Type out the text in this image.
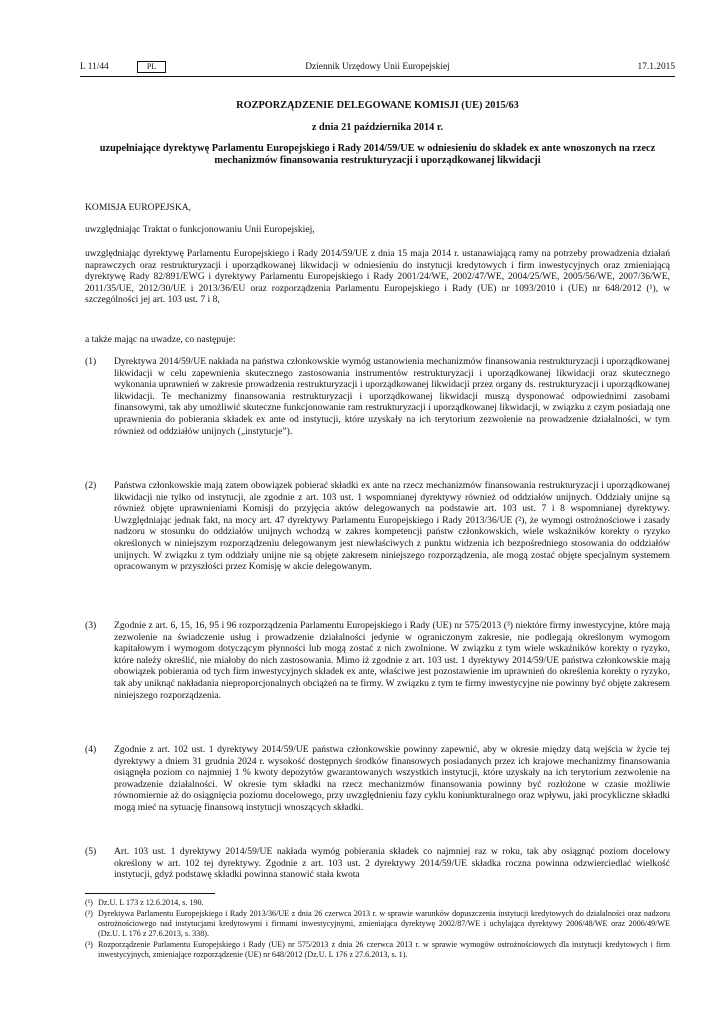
L 11/44	PL	Dziennik Urzędowy Unii Europejskiej	17.1.2015
ROZPORZĄDZENIE DELEGOWANE KOMISJI (UE) 2015/63
z dnia 21 października 2014 r.
uzupełniające dyrektywę Parlamentu Europejskiego i Rady 2014/59/UE w odniesieniu do składek ex ante wnoszonych na rzecz mechanizmów finansowania restrukturyzacji i uporządkowanej likwidacji

KOMISJA EUROPEJSKA,

uwzględniając Traktat o funkcjonowaniu Unii Europejskiej,

uwzględniając dyrektywę Parlamentu Europejskiego i Rady 2014/59/UE z dnia 15 maja 2014 r. ustanawiającą ramy na potrzeby prowadzenia działań naprawczych oraz restrukturyzacji i uporządkowanej likwidacji w odniesieniu do instytucji kredytowych i firm inwestycyjnych oraz zmieniającą dyrektywę Rady 82/891/EWG i dyrektywy Parlamentu Europejskiego i Rady 2001/24/WE, 2002/47/WE, 2004/25/WE, 2005/56/WE, 2007/36/WE, 2011/35/UE, 2012/30/UE i 2013/36/EU oraz rozporządzenia Parlamentu Europejskiego i Rady (UE) nr 1093/2010 i (UE) nr 648/2012 (¹), w szczególności jej art. 103 ust. 7 i 8,

a także mając na uwadze, co następuje:

(1)	Dyrektywa 2014/59/UE nakłada na państwa członkowskie wymóg ustanowienia mechanizmów finansowania restrukturyzacji i uporządkowanej likwidacji w celu zapewnienia skutecznego zastosowania instrumentów restrukturyzacji i uporządkowanej likwidacji oraz skutecznego wykonania uprawnień w zakresie prowadzenia restrukturyzacji i uporządkowanej likwidacji przez organy ds. restrukturyzacji i uporządkowanej likwidacji. Te mechanizmy finansowania restrukturyzacji i uporządkowanej likwidacji muszą dysponować odpowiednimi zasobami finansowymi, tak aby umożliwić skuteczne funkcjonowanie ram restrukturyzacji i uporządkowanej likwidacji, w związku z czym posiadają one uprawnienia do pobierania składek ex ante od instytucji, które uzyskały na ich terytorium zezwolenie na prowadzenie działalności, w tym również od oddziałów unijnych („instytucje”).
(2)	Państwa członkowskie mają zatem obowiązek pobierać składki ex ante na rzecz mechanizmów finansowania restrukturyzacji i uporządkowanej likwidacji nie tylko od instytucji, ale zgodnie z art. 103 ust. 1 wspomnianej dyrektywy również od oddziałów unijnych. Oddziały unijne są również objęte uprawnieniami Komisji do przyjęcia aktów delegowanych na podstawie art. 103 ust. 7 i 8 wspomnianej dyrektywy. Uwzględniając jednak fakt, na mocy art. 47 dyrektywy Parlamentu Europejskiego i Rady 2013/36/UE (²), że wymogi ostrożnościowe i zasady nadzoru w stosunku do oddziałów unijnych wchodzą w zakres kompetencji państw członkowskich, wiele wskaźników korekty o ryzyko określonych w niniejszym rozporządzeniu delegowanym jest niewłaściwych z punktu widzenia ich bezpośredniego stosowania do oddziałów unijnych. W związku z tym oddziały unijne nie są objęte zakresem niniejszego rozporządzenia, ale mogą zostać objęte specjalnym systemem opracowanym w przyszłości przez Komisję w akcie delegowanym.
(3)	Zgodnie z art. 6, 15, 16, 95 i 96 rozporządzenia Parlamentu Europejskiego i Rady (UE) nr 575/2013 (³) niektóre firmy inwestycyjne, które mają zezwolenie na świadczenie usług i prowadzenie działalności jedynie w ograniczonym zakresie, nie podlegają określonym wymogom kapitałowym i wymogom dotyczącym płynności lub mogą zostać z nich zwolnione. W związku z tym wiele wskaźników korekty o ryzyko, które należy określić, nie miałoby do nich zastosowania. Mimo iż zgodnie z art. 103 ust. 1 dyrektywy 2014/59/UE państwa członkowskie mają obowiązek pobierania od tych firm inwestycyjnych składek ex ante, właściwe jest pozostawienie im uprawnień do określenia korekty o ryzyko, tak aby uniknąć nakładania nieproporcjonalnych obciążeń na te firmy. W związku z tym te firmy inwestycyjne nie powinny być objęte zakresem niniejszego rozporządzenia.
(4)	Zgodnie z art. 102 ust. 1 dyrektywy 2014/59/UE państwa członkowskie powinny zapewnić, aby w okresie między datą wejścia w życie tej dyrektywy a dniem 31 grudnia 2024 r. wysokość dostępnych środków finansowych posiadanych przez ich krajowe mechanizmy finansowania osiągnęła poziom co najmniej 1 % kwoty depozytów gwarantowanych wszystkich instytucji, które uzyskały na ich terytorium zezwolenie na prowadzenie działalności. W okresie tym składki na rzecz mechanizmów finansowania powinny być rozłożone w czasie możliwie równomiernie aż do osiągnięcia poziomu docelowego, przy uwzględnieniu fazy cyklu koniunkturalnego oraz wpływu, jaki procykliczne składki mogą mieć na sytuację finansową instytucji wnoszących składki.
(5)	Art. 103 ust. 1 dyrektywy 2014/59/UE nakłada wymóg pobierania składek co najmniej raz w roku, tak aby osiągnąć poziom docelowy określony w art. 102 tej dyrektywy. Zgodnie z art. 103 ust. 2 dyrektywy 2014/59/UE składka roczna powinna odzwierciedlać wielkość instytucji, gdyż podstawę składki powinna stanowić stała kwota

(¹) Dz.U. L 173 z 12.6.2014, s. 190.

(²) Dyrektywa Parlamentu Europejskiego i Rady 2013/36/UE z dnia 26 czerwca 2013 r. w sprawie warunków dopuszczenia instytucji kredytowych do działalności oraz nadzoru ostrożnościowego nad instytucjami kredytowymi i firmami inwestycyjnymi, zmieniająca dyrektywę 2002/87/WE i uchylająca dyrektywy 2006/48/WE oraz 2006/49/WE (Dz.U. L 176 z 27.6.2013, s. 338).

(³) Rozporządzenie Parlamentu Europejskiego i Rady (UE) nr 575/2013 z dnia 26 czerwca 2013 r. w sprawie wymogów ostrożnościowych dla instytucji kredytowych i firm inwestycyjnych, zmieniające rozporządzenie (UE) nr 648/2012 (Dz.U. L 176 z 27.6.2013, s. 1).
